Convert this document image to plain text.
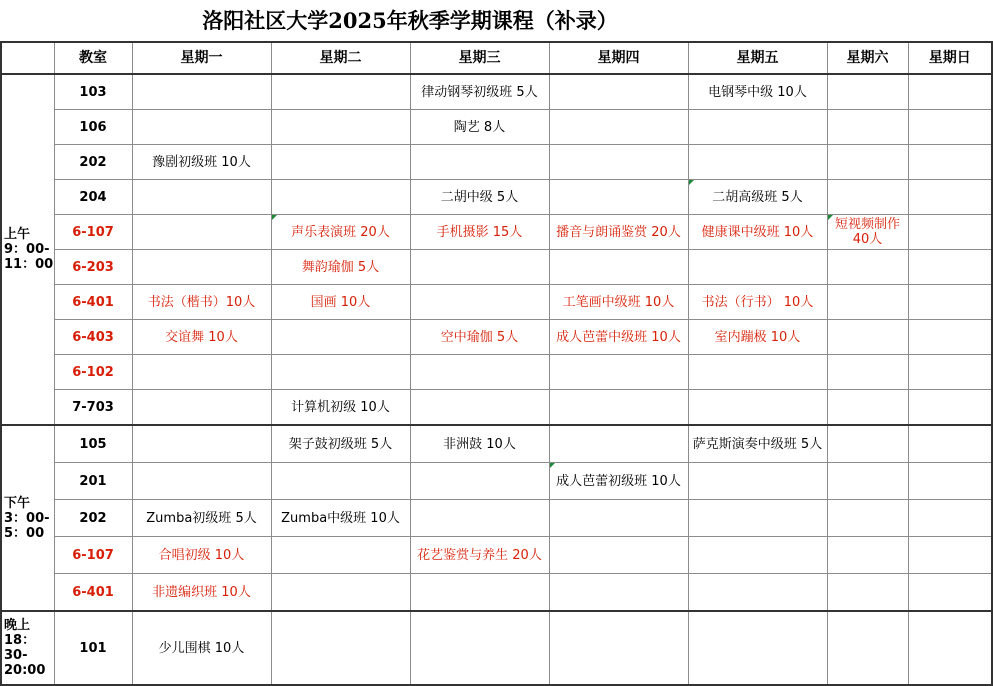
洛阳社区大学2025年秋季学期课程（补录）
	教室	星期一	星期二	星期三	星期四	星期五	星期六	星期日
上午 9：00-11：00	103			律动钢琴初级班 5人		电钢琴中级 10人		
	106			陶艺 8人				
	202	豫剧初级班 10人						
	204			二胡中级 5人		二胡高级班 5人		
	6-107		声乐表演班 20人	手机摄影 15人	播音与朗诵鉴赏 20人	健康课中级班 10人	短视频制作 40人	
	6-203		舞韵瑜伽 5人					
	6-401	书法（楷书）10人	国画 10人		工笔画中级班 10人	书法（行书） 10人		
	6-403	交谊舞 10人		空中瑜伽 5人	成人芭蕾中级班 10人	室内蹦极 10人		
	6-102							
	7-703		计算机初级 10人					
下午 3：00-5：00	105		架子鼓初级班 5人	非洲鼓 10人		萨克斯演奏中级班 5人		
	201				成人芭蕾初级班 10人			
	202	Zumba初级班 5人	Zumba中级班 10人					
	6-107	合唱初级 10人		花艺鉴赏与养生 20人				
	6-401	非遗编织班 10人						
晚上 18：30-20:00	101	少儿围棋 10人						
